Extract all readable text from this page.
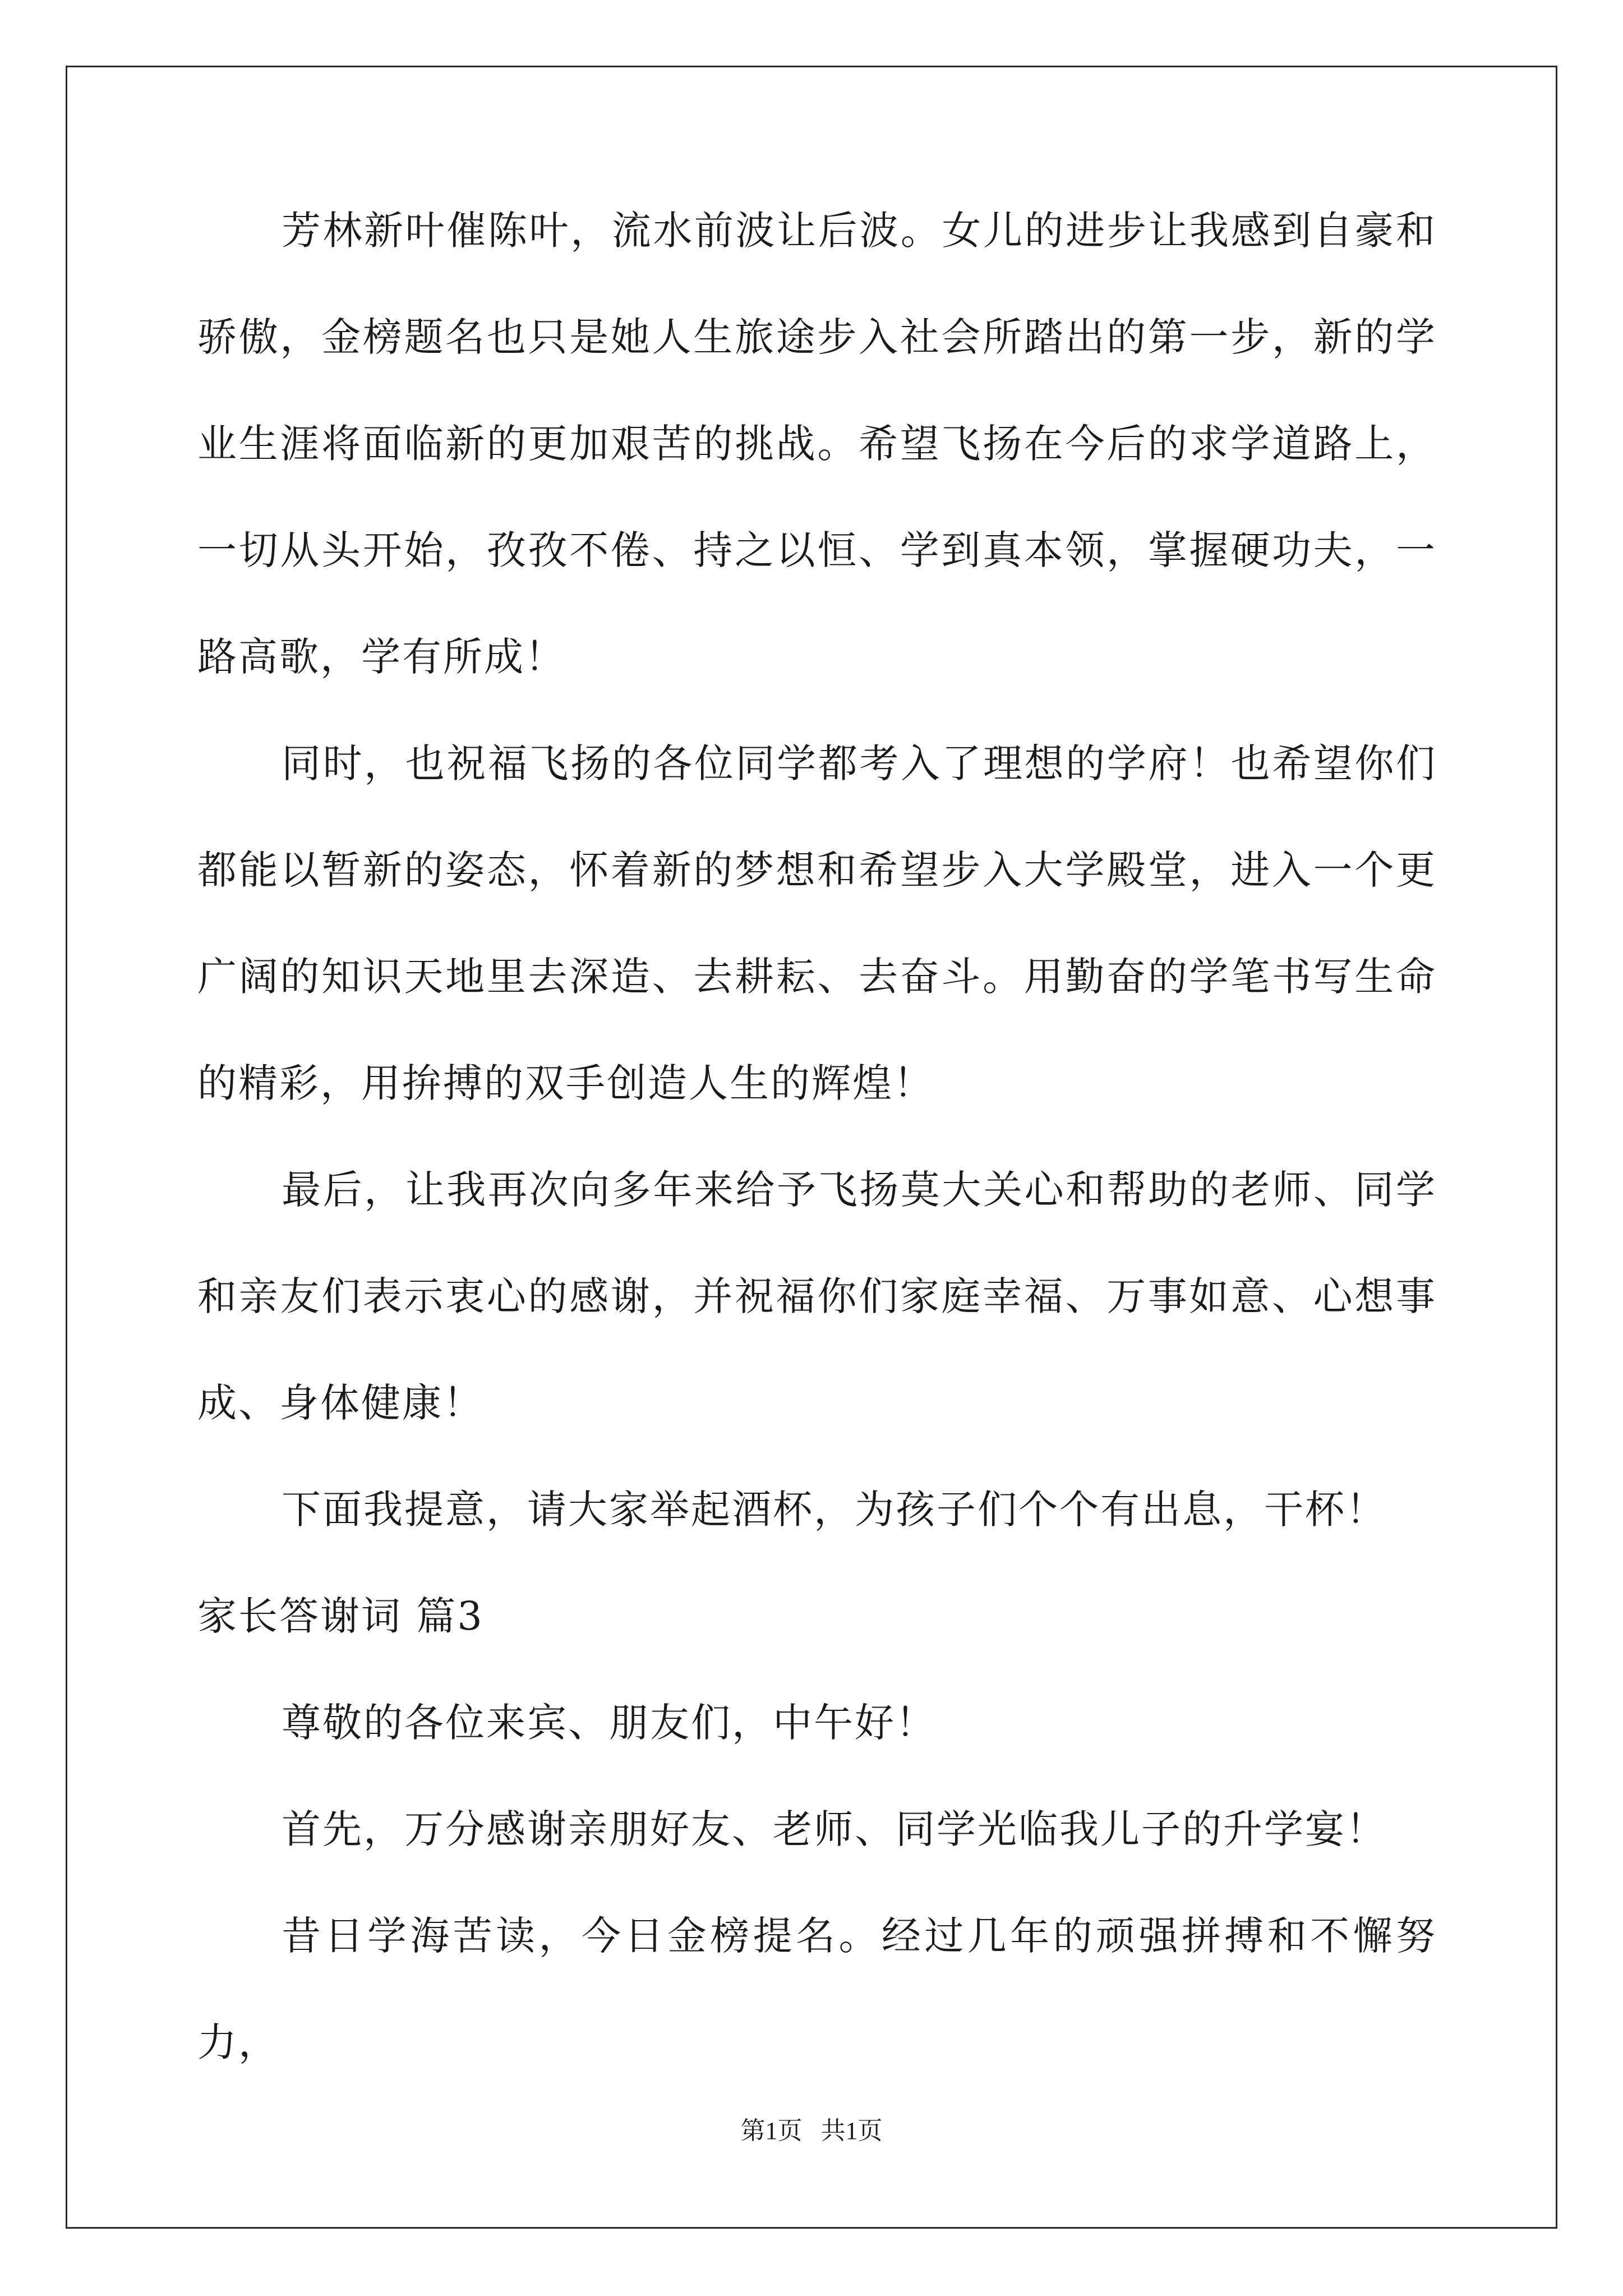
芳林新叶催陈叶，流水前波让后波。女儿的进步让我感到自豪和骄傲，金榜题名也只是她人生旅途步入社会所踏出的第一步，新的学业生涯将面临新的更加艰苦的挑战。希望飞扬在今后的求学道路上，一切从头开始，孜孜不倦、持之以恒、学到真本领，掌握硬功夫，一路高歌，学有所成！

同时，也祝福飞扬的各位同学都考入了理想的学府！也希望你们都能以暂新的姿态，怀着新的梦想和希望步入大学殿堂，进入一个更广阔的知识天地里去深造、去耕耘、去奋斗。用勤奋的学笔书写生命的精彩，用拚搏的双手创造人生的辉煌！

最后，让我再次向多年来给予飞扬莫大关心和帮助的老师、同学和亲友们表示衷心的感谢，并祝福你们家庭幸福、万事如意、心想事成、身体健康！

下面我提意，请大家举起酒杯，为孩子们个个有出息，干杯！

家长答谢词 篇3

尊敬的各位来宾、朋友们，中午好！

首先，万分感谢亲朋好友、老师、同学光临我儿子的升学宴！

昔日学海苦读，今日金榜提名。经过几年的顽强拼搏和不懈努力，

第1页 共1页
